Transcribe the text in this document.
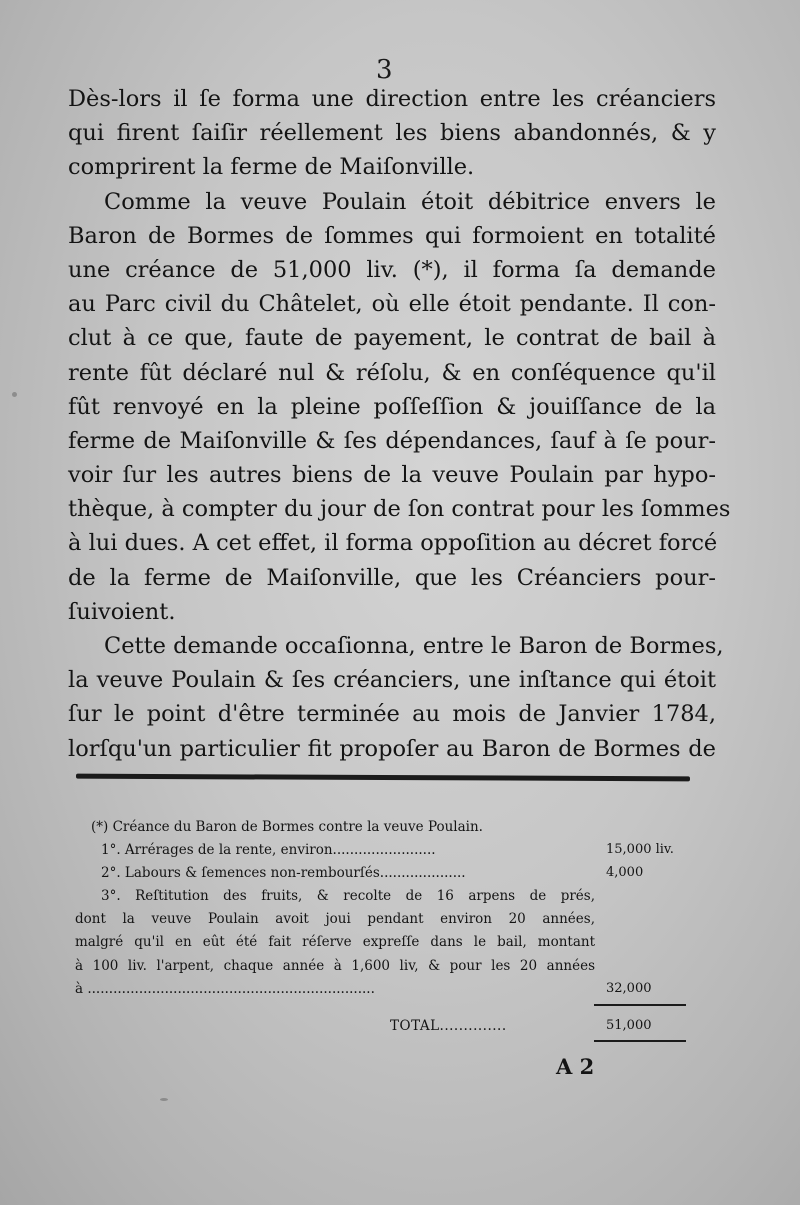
3
Dès-lors il ſe forma une direction entre les créanciers
qui firent ſaiſir réellement les biens abandonnés, & y
comprirent la ferme de Maiſonville.
Comme la veuve Poulain étoit débitrice envers le
Baron de Bormes de ſommes qui formoient en totalité
une créance de 51,000 liv. (*), il forma ſa demande
au Parc civil du Châtelet, où elle étoit pendante. Il con-
clut à ce que, faute de payement, le contrat de bail à
rente fût déclaré nul & réſolu, & en conſéquence qu'il
fût renvoyé en la pleine poſſeſſion & jouiſſance de la
ferme de Maiſonville & ſes dépendances, ſauf à ſe pour-
voir ſur les autres biens de la veuve Poulain par hypo-
thèque, à compter du jour de ſon contrat pour les ſommes
à lui dues. A cet effet, il forma oppoſition au décret forcé
de la ferme de Maiſonville, que les Créanciers pour-
ſuivoient.
Cette demande occaſionna, entre le Baron de Bormes,
la veuve Poulain & ſes créanciers, une inſtance qui étoit
ſur le point d'être terminée au mois de Janvier 1784,
lorſqu'un particulier fit propoſer au Baron de Bormes de
(*) Créance du Baron de Bormes contre la veuve Poulain.
1°. Arrérages de la rente, environ........................
2°. Labours & ſemences non-rembourſés....................
3°. Reſtitution des fruits, & recolte de 16 arpens de prés,
dont la veuve Poulain avoit joui pendant environ 20 années,
malgré qu'il en eût été fait réſerve expreſſe dans le bail, montant
à 100 liv. l'arpent, chaque année à 1,600 liv, & pour les 20 années
à ...................................................................
15,000 liv.
4,000
32,000
TOTAL..............	51,000
A 2
